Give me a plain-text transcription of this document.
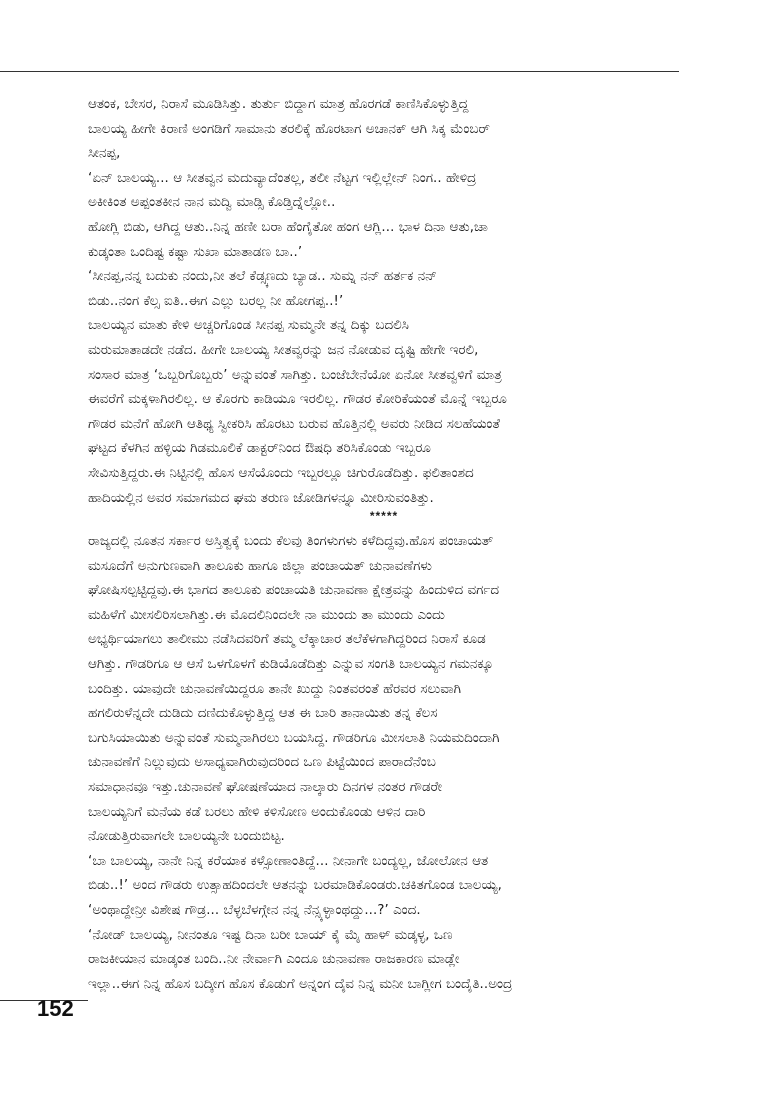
ಆತಂಕ, ಬೇಸರ, ನಿರಾಸೆ ಮೂಡಿಸಿತ್ತು. ತುರ್ತು ಬಿದ್ದಾಗ ಮಾತ್ರ ಹೊರಗಡೆ ಕಾಣಿಸಿಕೊಳ್ಳುತ್ತಿದ್ದ
ಬಾಲಯ್ಯ ಹೀಗೇ ಕಿರಾಣಿ ಅಂಗಡಿಗೆ ಸಾಮಾನು ತರಲಿಕ್ಕೆ ಹೊರಟಾಗ ಅಚಾನಕ್ ಆಗಿ ಸಿಕ್ಕ ಮೆಂಬರ್
ಸೀನಪ್ಪ,
‘ಏನ್ ಬಾಲಯ್ಯ... ಆ ಸೀತವ್ವನ ಮದುವ್ಯಾದೆಂತಲ್ಲ, ತಲೀ ನೆಟ್ಟಗ ಇಲ್ಲಿಲ್ಲೇನ್ ನಿಂಗ.. ಹೇಳಿದ್ರ
ಅಕೀಕಿಂತ ಅಪ್ಪಂತಕೀನ ನಾನ ಮದ್ವಿ ಮಾಡ್ಸಿ ಕೊಡ್ತಿದ್ನೆಲ್ಲೋ..
ಹೋಗ್ಲಿ ಬಿಡು, ಆಗಿದ್ದ ಆತು..ನಿನ್ನ ಹಣೀ ಬರಾ ಹೆಂಗೈತೋ ಹಂಗ ಆಗ್ಲಿ... ಭಾಳ ದಿನಾ ಆತು,ಚಾ
ಕುಡ್ಕಂತಾ ಒಂದಿಷ್ಟ ಕಷ್ಟಾ ಸುಖಾ ಮಾತಾಡಣ ಬಾ..’
‘ಸೀನಪ್ಪ,ನನ್ನ ಬದುಕು ನಂದು,ನೀ ತಲೆ ಕೆಡ್ಸ್ಕಣದು ಬ್ಯಾಡ.. ಸುಮ್ನ ನನ್ ಹರ್ತಕ ನನ್
ಬಿಡು..ನಂಗ ಕೆಲ್ಸ ಐತಿ..ಈಗ ಎಲ್ಲು ಬರಲ್ಲ ನೀ ಹೋಗಪ್ಪ..!’
ಬಾಲಯ್ಯನ ಮಾತು ಕೇಳಿ ಅಚ್ಚರಿಗೊಂಡ ಸೀನಪ್ಪ ಸುಮ್ಮನೇ ತನ್ನ ದಿಕ್ಕು ಬದಲಿಸಿ
ಮರುಮಾತಾಡದೇ ನಡೆದ. ಹೀಗೇ ಬಾಲಯ್ಯ ಸೀತವ್ವರನ್ನು ಜನ ನೋಡುವ ದೃಷ್ಟಿ ಹೇಗೇ ಇರಲಿ,
ಸಂಸಾರ ಮಾತ್ರ ‘ಒಬ್ಬರಿಗೊಬ್ಬರು’ ಅನ್ನುವಂತೆ ಸಾಗಿತ್ತು. ಬಂಜೆಬೇನೆಯೋ ಏನೋ ಸೀತವ್ವಳಿಗೆ ಮಾತ್ರ
ಈವರೆಗೆ ಮಕ್ಕಳಾಗಿರಲಿಲ್ಲ. ಆ ಕೊರಗು ಕಾಡಿಯೂ ಇರಲಿಲ್ಲ. ಗೌಡರ ಕೋರಿಕೆಯಂತೆ ಮೊನ್ನೆ ಇಬ್ಬರೂ
ಗೌಡರ ಮನೆಗೆ ಹೋಗಿ ಆತಿಥ್ಯ ಸ್ವೀಕರಿಸಿ ಹೊರಟು ಬರುವ ಹೊತ್ತಿನಲ್ಲಿ ಅವರು ನೀಡಿದ ಸಲಹೆಯಂತೆ
ಘಟ್ಟದ ಕೆಳಗಿನ ಹಳ್ಳಿಯ ಗಿಡಮೂಲಿಕೆ ಡಾಕ್ಟರ್‌ನಿಂದ ಔಷಧಿ ತರಿಸಿಕೊಂಡು ಇಬ್ಬರೂ
ಸೇವಿಸುತ್ತಿದ್ದರು.ಈ ನಿಟ್ಟಿನಲ್ಲಿ ಹೊಸ ಆಸೆಯೊಂದು ಇಬ್ಬರಲ್ಲೂ ಚಿಗುರೊಡೆದಿತ್ತು. ಫಲಿತಾಂಶದ
ಹಾದಿಯಲ್ಲಿನ ಅವರ ಸಮಾಗಮದ ಘಮ ತರುಣ ಜೋಡಿಗಳನ್ನೂ ಮೀರಿಸುವಂತಿತ್ತು.
*****
ರಾಜ್ಯದಲ್ಲಿ ನೂತನ ಸರ್ಕಾರ ಅಸ್ತಿತ್ವಕ್ಕೆ ಬಂದು ಕೆಲವು ತಿಂಗಳುಗಳು ಕಳೆದಿದ್ದವು.ಹೊಸ ಪಂಚಾಯತ್
ಮಸೂದೆಗೆ ಅನುಗುಣವಾಗಿ ತಾಲೂಕು ಹಾಗೂ ಜಿಲ್ಲಾ ಪಂಚಾಯತ್ ಚುನಾವಣೆಗಳು
ಘೋಷಿಸಲ್ಪಟ್ಟಿದ್ದವು.ಈ ಭಾಗದ ತಾಲೂಕು ಪಂಚಾಯತಿ ಚುನಾವಣಾ ಕ್ಷೇತ್ರವನ್ನು ಹಿಂದುಳಿದ ವರ್ಗದ
ಮಹಿಳೆಗೆ ಮೀಸಲಿರಿಸಲಾಗಿತ್ತು.ಈ ಮೊದಲಿನಿಂದಲೇ ನಾ ಮುಂದು ತಾ ಮುಂದು ಎಂದು
ಅಭ್ಯರ್ಥಿಯಾಗಲು ತಾಲೀಮು ನಡೆಸಿದವರಿಗೆ ತಮ್ಮ ಲೆಕ್ಕಾಚಾರ ತಲೆಕೆಳಗಾಗಿದ್ದರಿಂದ ನಿರಾಸೆ ಕೂಡ
ಆಗಿತ್ತು. ಗೌಡರಿಗೂ ಆ ಆಸೆ ಒಳಗೊಳಗೆ ಕುಡಿಯೊಡೆದಿತ್ತು ಎನ್ನುವ ಸಂಗತಿ ಬಾಲಯ್ಯನ ಗಮನಕ್ಕೂ
ಬಂದಿತ್ತು. ಯಾವುದೇ ಚುನಾವಣೆಯಿದ್ದರೂ ತಾನೇ ಖುದ್ದು ನಿಂತವರಂತೆ ಹೆರವರ ಸಲುವಾಗಿ
ಹಗಲಿರುಳೆನ್ನದೇ ದುಡಿದು ದಣಿದುಕೊಳ್ಳುತ್ತಿದ್ದ ಆತ ಈ ಬಾರಿ ತಾನಾಯಿತು ತನ್ನ ಕೆಲಸ
ಬಗುಸಿಯಾಯಿತು ಅನ್ನುವಂತೆ ಸುಮ್ಮನಾಗಿರಲು ಬಯಸಿದ್ದ. ಗೌಡರಿಗೂ ಮೀಸಲಾತಿ ನಿಯಮದಿಂದಾಗಿ
ಚುನಾವಣೆಗೆ ನಿಲ್ಲುವುದು ಅಸಾಧ್ಯವಾಗಿರುವುದರಿಂದ ಒಣ ಪಿಟ್ಟೆಯಿಂದ ಪಾರಾದೆನೆಂಬ
ಸಮಾಧಾನವೂ ಇತ್ತು.ಚುನಾವಣೆ ಘೋಷಣೆಯಾದ ನಾಲ್ಕಾರು ದಿನಗಳ ನಂತರ ಗೌಡರೇ
ಬಾಲಯ್ಯನಿಗೆ ಮನೆಯ ಕಡೆ ಬರಲು ಹೇಳಿ ಕಳಿಸೋಣ ಅಂದುಕೊಂಡು ಆಳಿನ ದಾರಿ
ನೋಡುತ್ತಿರುವಾಗಲೇ ಬಾಲಯ್ಯನೇ ಬಂದುಬಿಟ್ಟ.
‘ಬಾ ಬಾಲಯ್ಯ, ನಾನೇ ನಿನ್ನ ಕರೆಯಾಕ ಕಳ್ಸೋಣಾಂತಿದ್ದೆ... ನೀನಾಗೇ ಬಂದ್ಯಲ್ಲ, ಜೋಲೋನ ಆತ
ಬಿಡು..!’ ಅಂದ ಗೌಡರು ಉತ್ಸಾಹದಿಂದಲೇ ಆತನನ್ನು ಬರಮಾಡಿಕೊಂಡರು.ಚಕಿತಗೊಂಡ ಬಾಲಯ್ಯ,
‘ಅಂಥಾದ್ದೇನ್ರೀ ವಿಶೇಷ ಗೌಡ್ರ... ಬೆಳ್ಳಬೆಳಗ್ಗೇನ ನನ್ನ ನೆನ್ಸ್ಕಳ್ಳಾಂಥದ್ದು...?’ ಎಂದ.
‘ನೋಡ್ ಬಾಲಯ್ಯ, ನೀನಂತೂ ಇಷ್ಟ ದಿನಾ ಬರೀ ಬಾಯ್ ಕೈ ಮೈ ಹಾಳ್ ಮಡ್ಕಳ್ಳ, ಒಣ
ರಾಜಕೀಯಾನ ಮಾಡ್ಕಂತ ಬಂದಿ..ನೀ ನೇರ್ವಾಗಿ ಎಂದೂ ಚುನಾವಣಾ ರಾಜಕಾರಣ ಮಾಡ್ಲೇ
ಇಲ್ಲಾ..ಈಗ ನಿನ್ನ ಹೊಸ ಬದ್ಕೀಗ ಹೊಸ ಕೊಡುಗೆ ಅನ್ನಂಗ ದೈವ ನಿನ್ನ ಮನೀ ಬಾಗ್ಲೀಗ ಬಂದೈತಿ..ಅಂದ್ರ
152
